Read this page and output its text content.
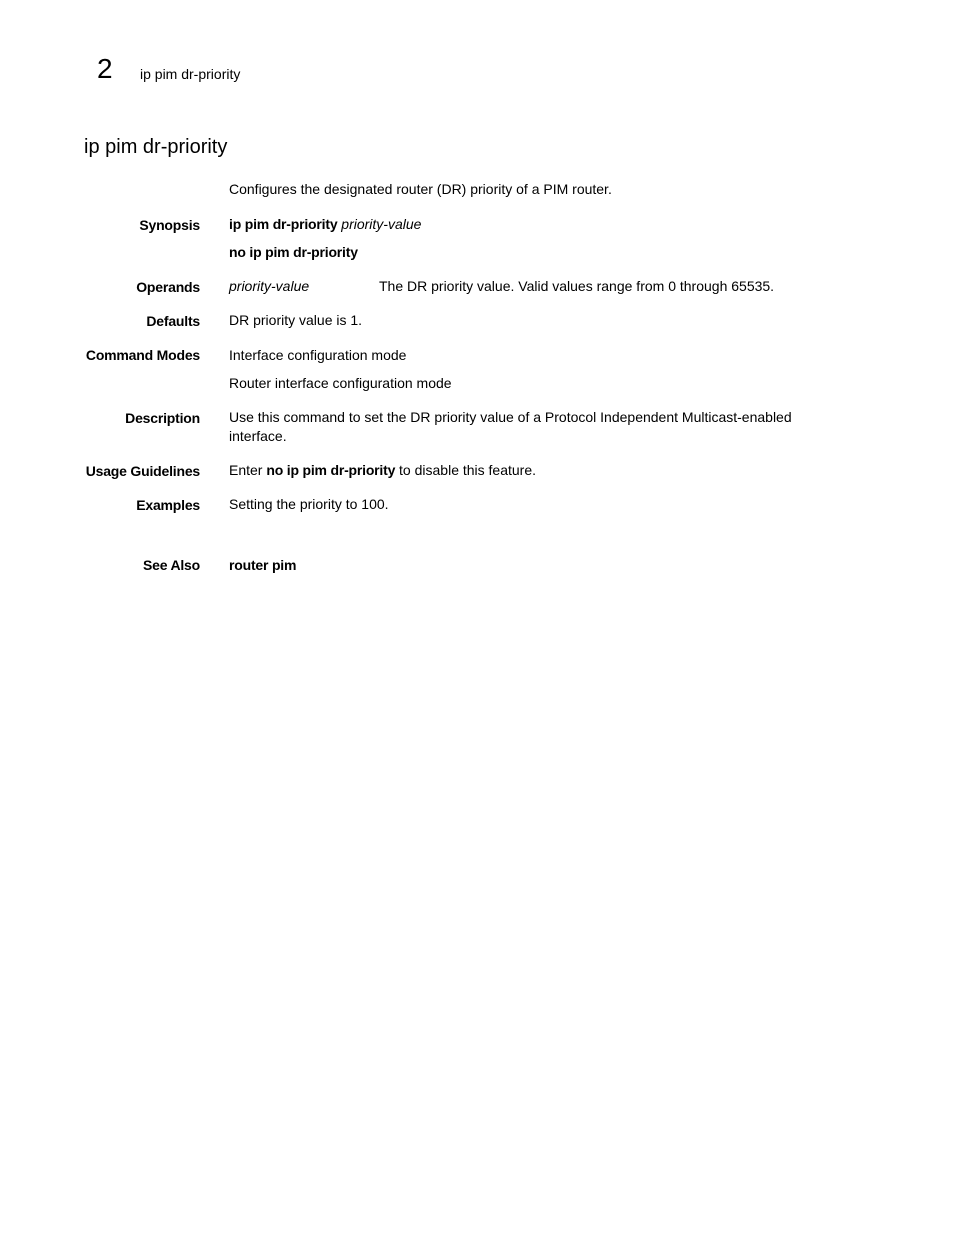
2 ip pim dr-priority
ip pim dr-priority
Configures the designated router (DR) priority of a PIM router.
Synopsis ip pim dr-priority priority-value
no ip pim dr-priority
Operands priority-value	The DR priority value. Valid values range from 0 through 65535.
Defaults DR priority value is 1.
Command Modes Interface configuration mode
Router interface configuration mode
Description Use this command to set the DR priority value of a Protocol Independent Multicast-enabled interface.
Usage Guidelines Enter no ip pim dr-priority to disable this feature.
Examples Setting the priority to 100.
See Also router pim
